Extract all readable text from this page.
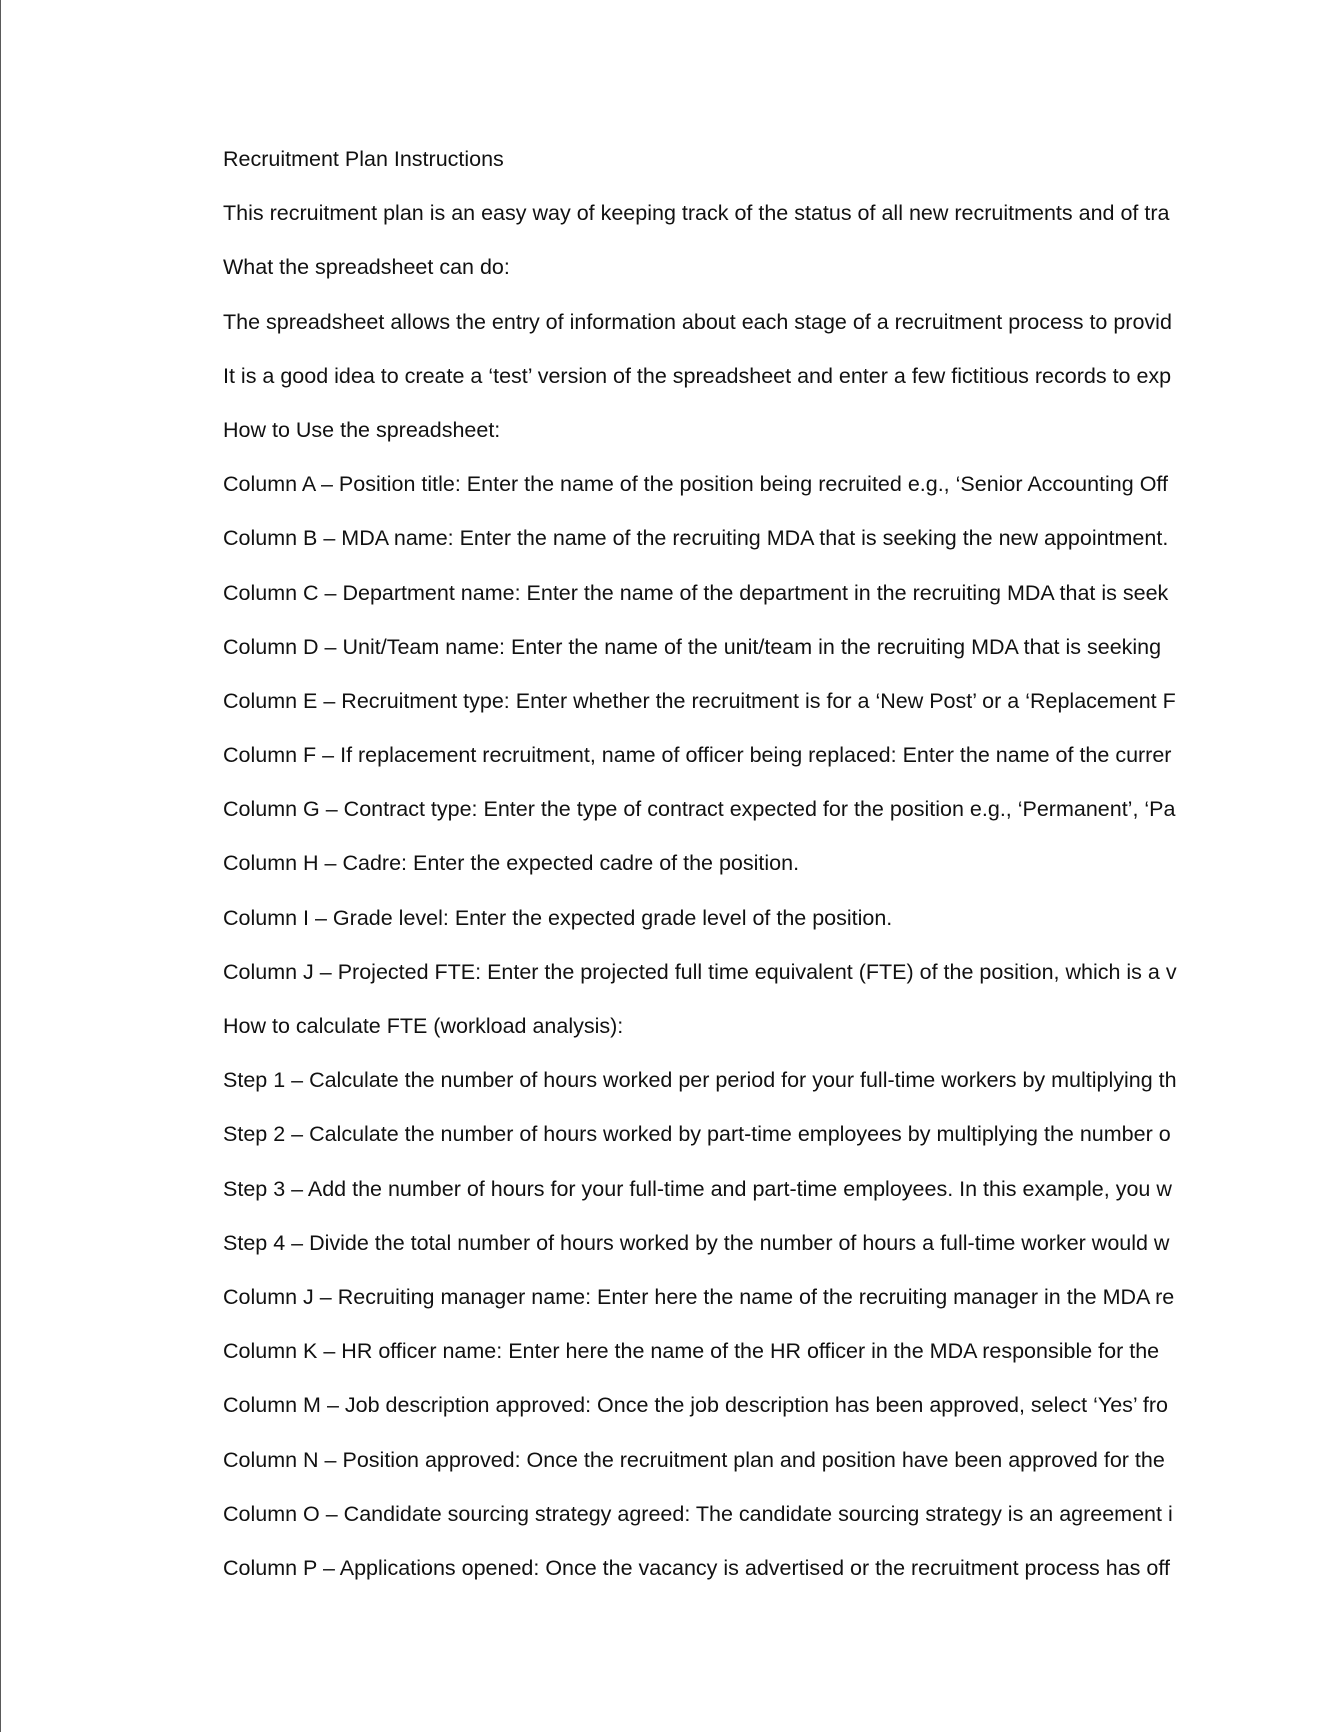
Recruitment Plan Instructions

This recruitment plan is an easy way of keeping track of the status of all new recruitments and of tra

What the spreadsheet can do:

The spreadsheet allows the entry of information about each stage of a recruitment process to provid

It is a good idea to create a ‘test’ version of the spreadsheet and enter a few fictitious records to exp

How to Use the spreadsheet:

Column A – Position title: Enter the name of the position being recruited e.g., ‘Senior Accounting Off

Column B – MDA name: Enter the name of the recruiting MDA that is seeking the new appointment.

Column C – Department name: Enter the name of the department in the recruiting MDA that is seek

Column D – Unit/Team name: Enter the name of the unit/team in the recruiting MDA that is seeking

Column E – Recruitment type: Enter whether the recruitment is for a ‘New Post’ or a ‘Replacement F

Column F – If replacement recruitment, name of officer being replaced: Enter the name of the currer

Column G – Contract type: Enter the type of contract expected for the position e.g., ‘Permanent’, ‘Pa

Column H – Cadre: Enter the expected cadre of the position.

Column I – Grade level: Enter the expected grade level of the position.

Column J – Projected FTE: Enter the projected full time equivalent (FTE) of the position, which is a v

How to calculate FTE (workload analysis):

Step 1 – Calculate the number of hours worked per period for your full-time workers by multiplying th

Step 2 – Calculate the number of hours worked by part-time employees by multiplying the number o

Step 3 – Add the number of hours for your full-time and part-time employees. In this example, you w

Step 4 – Divide the total number of hours worked by the number of hours a full-time worker would w

Column J – Recruiting manager name: Enter here the name of the recruiting manager in the MDA re

Column K – HR officer name: Enter here the name of the HR officer in the MDA responsible for the

Column M – Job description approved: Once the job description has been approved, select ‘Yes’ fro

Column N – Position approved: Once the recruitment plan and position have been approved for the

Column O – Candidate sourcing strategy agreed: The candidate sourcing strategy is an agreement i

Column P – Applications opened: Once the vacancy is advertised or the recruitment process has off
